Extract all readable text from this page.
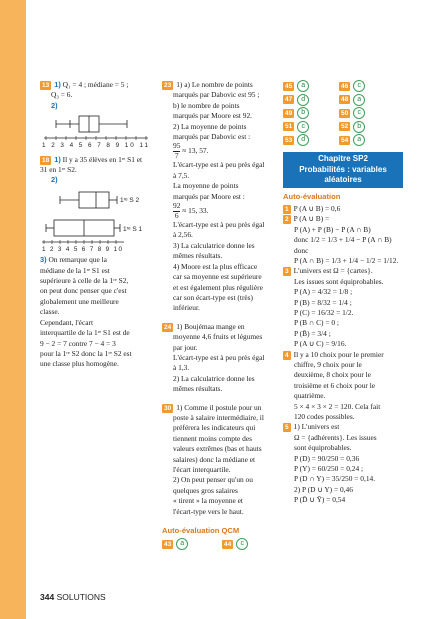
13 1) Q₁ = 4 ; médiane = 5 ;
Q₃ = 6.
2)
1 2 3 4 5 6 7 8 9 10 11
18 1) Il y a 35 élèves en 1ʳᵉ S1 et
31 en 1ʳᵉ S2.
2)
1ʳᵉ S 2
1ʳᵉ S 1
1 2 3 4 5 6 7 8 9 10
3) On remarque que la
médiane de la 1ʳᵉ S1 est
supérieure à celle de la 1ʳᵉ S2,
on peut donc penser que c'est
globalement une meilleure
classe.
Cependant, l'écart
interquartile de la 1ʳᵉ S1 est de
9 − 2 = 7 contre 7 − 4 = 3
pour la 1ʳᵉ S2 donc la 1ʳᵉ S2 est
une classe plus homogène.
23 1) a) Le nombre de points
marqués par Dabovic est 95 ;
b) le nombre de points
marqués par Moore est 92.
2) La moyenne de points
marqués par Dabovic est :
$\frac{95}{7}$
≈ 13, 57.
L'écart-type est à peu près égal
à 7,5.
La moyenne de points
marqués par Moore est :
$\frac{92}{6}$
≈ 15, 33.
L'écart-type est à peu près égal
à 2,56.
3) La calculatrice donne les
mêmes résultats.
4) Moore est la plus efficace
car sa moyenne est supérieure
et est également plus régulière
car son écart-type est (très)
inférieur.
24 1) Boujémaa mange en
moyenne 4,6 fruits et légumes
par jour.
L'écart-type est à peu près égal
à 1,3.
2) La calculatrice donne les
mêmes résultats.
30 1) Comme il postule pour un
poste à salaire intermédiaire, il
préférera les indicateurs qui
tiennent moins compte des
valeurs extrêmes (bas et hauts
salaires) donc la médiane et
l'écart interquartile.
2) On peut penser qu'un ou
quelques gros salaires
« tirent » la moyenne et
l'écart-type vers le haut.
Auto-évaluation QCM
43	a	44	c
45	a	46	c
47	d	48	a
49	b	50	c
51	c	52	b
53	d	54	a
Chapitre SP2
Probabilités : variables
aléatoires
Auto-évaluation
1 P (A ∪ B) = 0,6
2 P (A ∪ B) =
P (A) + P (B) − P (A ∩ B)
donc 1/2 = 1/3 + 1/4 − P (A ∩ B)
donc
P (A ∩ B) = 1/3 + 1/4 − 1/2 = 1/12.
3 L'univers est Ω = {cartes}.
Les issues sont équiprobables.
P (A) = 4/32 = 1/8 ;
P (B) = 8/32 = 1/4 ;
P (C) = 16/32 = 1/2.
P (B ∩ C) = 0 ;
P (B̄) = 3/4 ;
P (A ∪ C) = 9/16.
4 Il y a 10 choix pour le premier
chiffre, 9 choix pour le
deuxième, 8 choix pour le
troisième et 6 choix pour le
quatrième.
5 × 4 × 3 × 2 = 120. Cela fait
120 codes possibles.
5 1) L'univers est
Ω = {adhérents}. Les issues
sont équiprobables.
P (D) = 90/250 = 0,36
P (Y) = 60/250 = 0,24 ;
P (D ∩ Y) = 35/250 = 0,14.
2) P (D ∪ Y) = 0,46
P (D̄ ∪ Ȳ) = 0,54
344 SOLUTIONS
